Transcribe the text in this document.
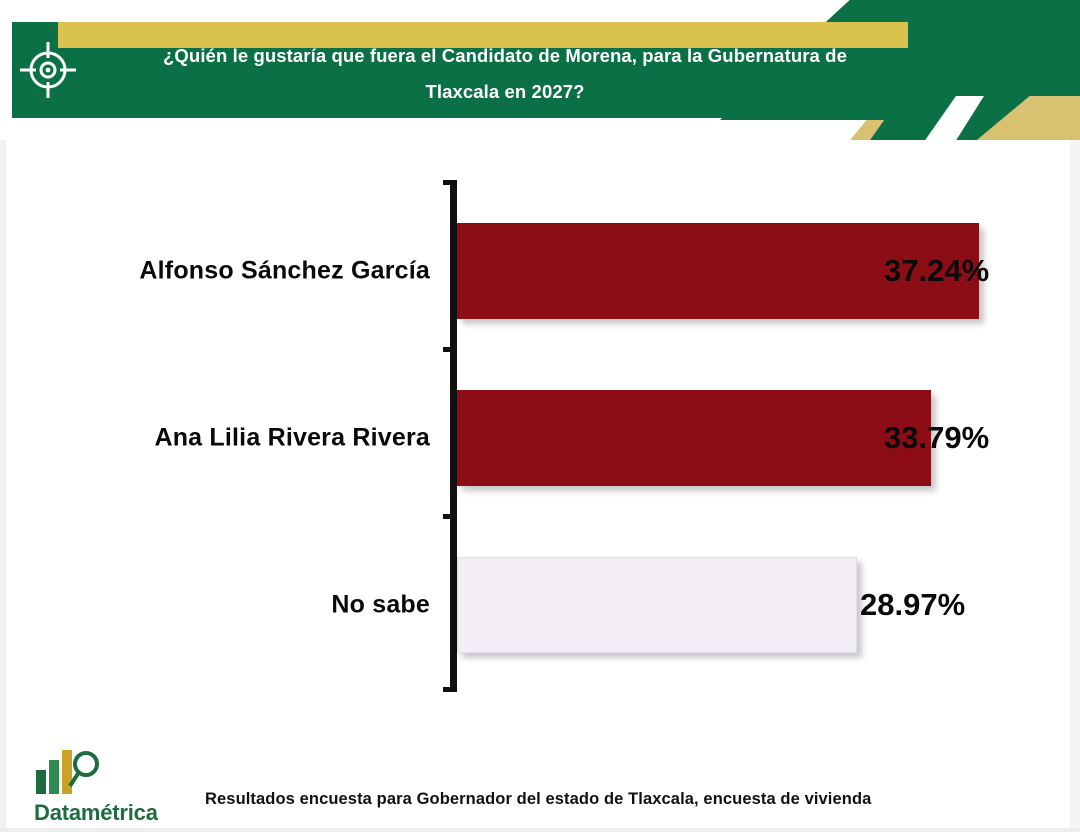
¿Quién le gustaría que fuera el Candidato de Morena, para la Gubernatura de
Tlaxcala en 2027?
Alfonso Sánchez García	37.24%
Ana Lilia Rivera Rivera	33.79%
No sabe	28.97%
Datamétrica
Resultados encuesta para Gobernador del estado de Tlaxcala, encuesta de vivienda
